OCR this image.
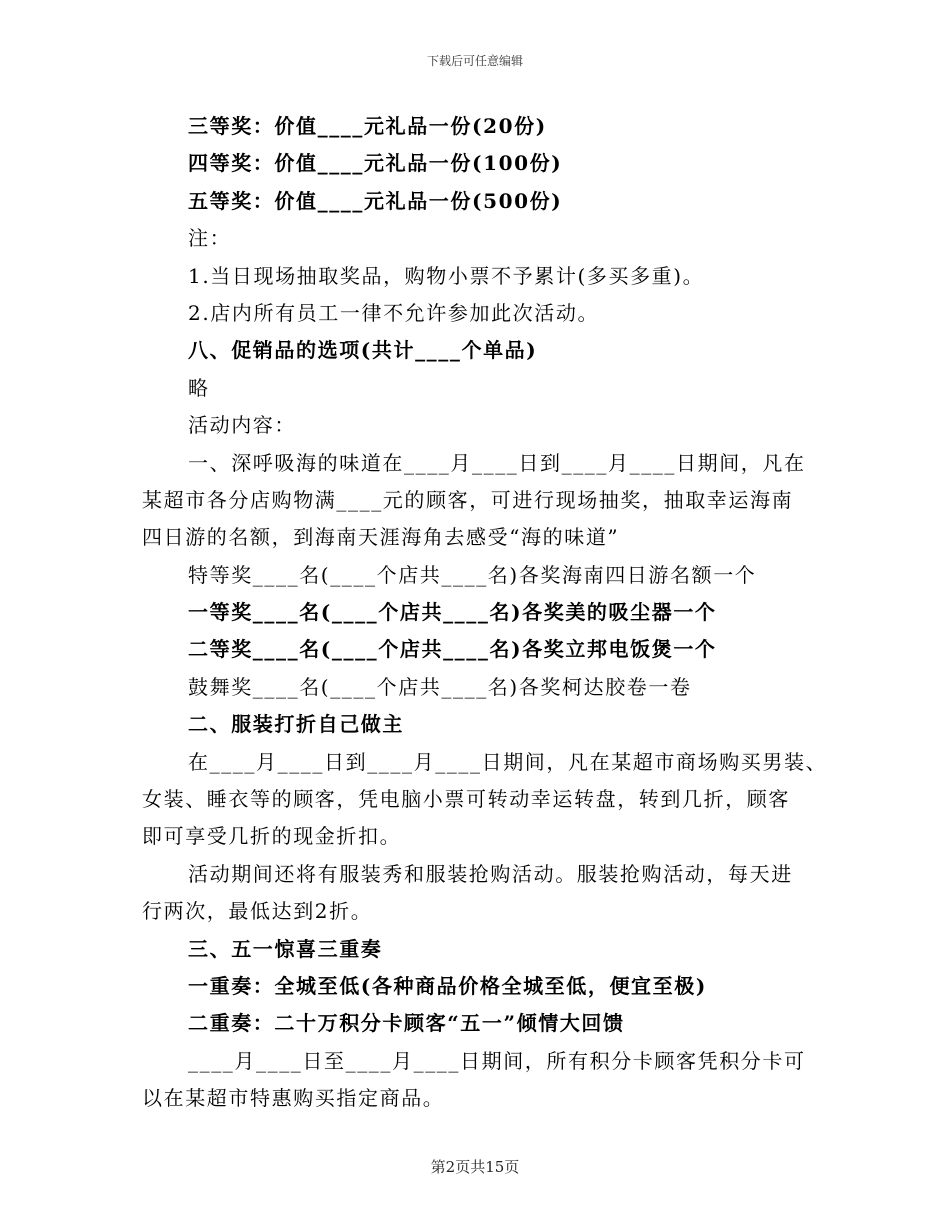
下载后可任意编辑
三等奖：价值____元礼品一份(20份)
四等奖：价值____元礼品一份(100份)
五等奖：价值____元礼品一份(500份)
注：
1.当日现场抽取奖品，购物小票不予累计(多买多重)。
2.店内所有员工一律不允许参加此次活动。
八、促销品的选项(共计____个单品)
略
活动内容：
一、深呼吸海的味道在____月____日到____月____日期间，凡在
某超市各分店购物满____元的顾客，可进行现场抽奖，抽取幸运海南
四日游的名额，到海南天涯海角去感受“海的味道”
特等奖____名(____个店共____名)各奖海南四日游名额一个
一等奖____名(____个店共____名)各奖美的吸尘器一个
二等奖____名(____个店共____名)各奖立邦电饭煲一个
鼓舞奖____名(____个店共____名)各奖柯达胶卷一卷
二、服装打折自己做主
在____月____日到____月____日期间，凡在某超市商场购买男装、
女装、睡衣等的顾客，凭电脑小票可转动幸运转盘，转到几折，顾客
即可享受几折的现金折扣。
活动期间还将有服装秀和服装抢购活动。服装抢购活动，每天进
行两次，最低达到2折。
三、五一惊喜三重奏
一重奏：全城至低(各种商品价格全城至低，便宜至极)
二重奏：二十万积分卡顾客“五一”倾情大回馈
____月____日至____月____日期间，所有积分卡顾客凭积分卡可
以在某超市特惠购买指定商品。
第2页共15页
